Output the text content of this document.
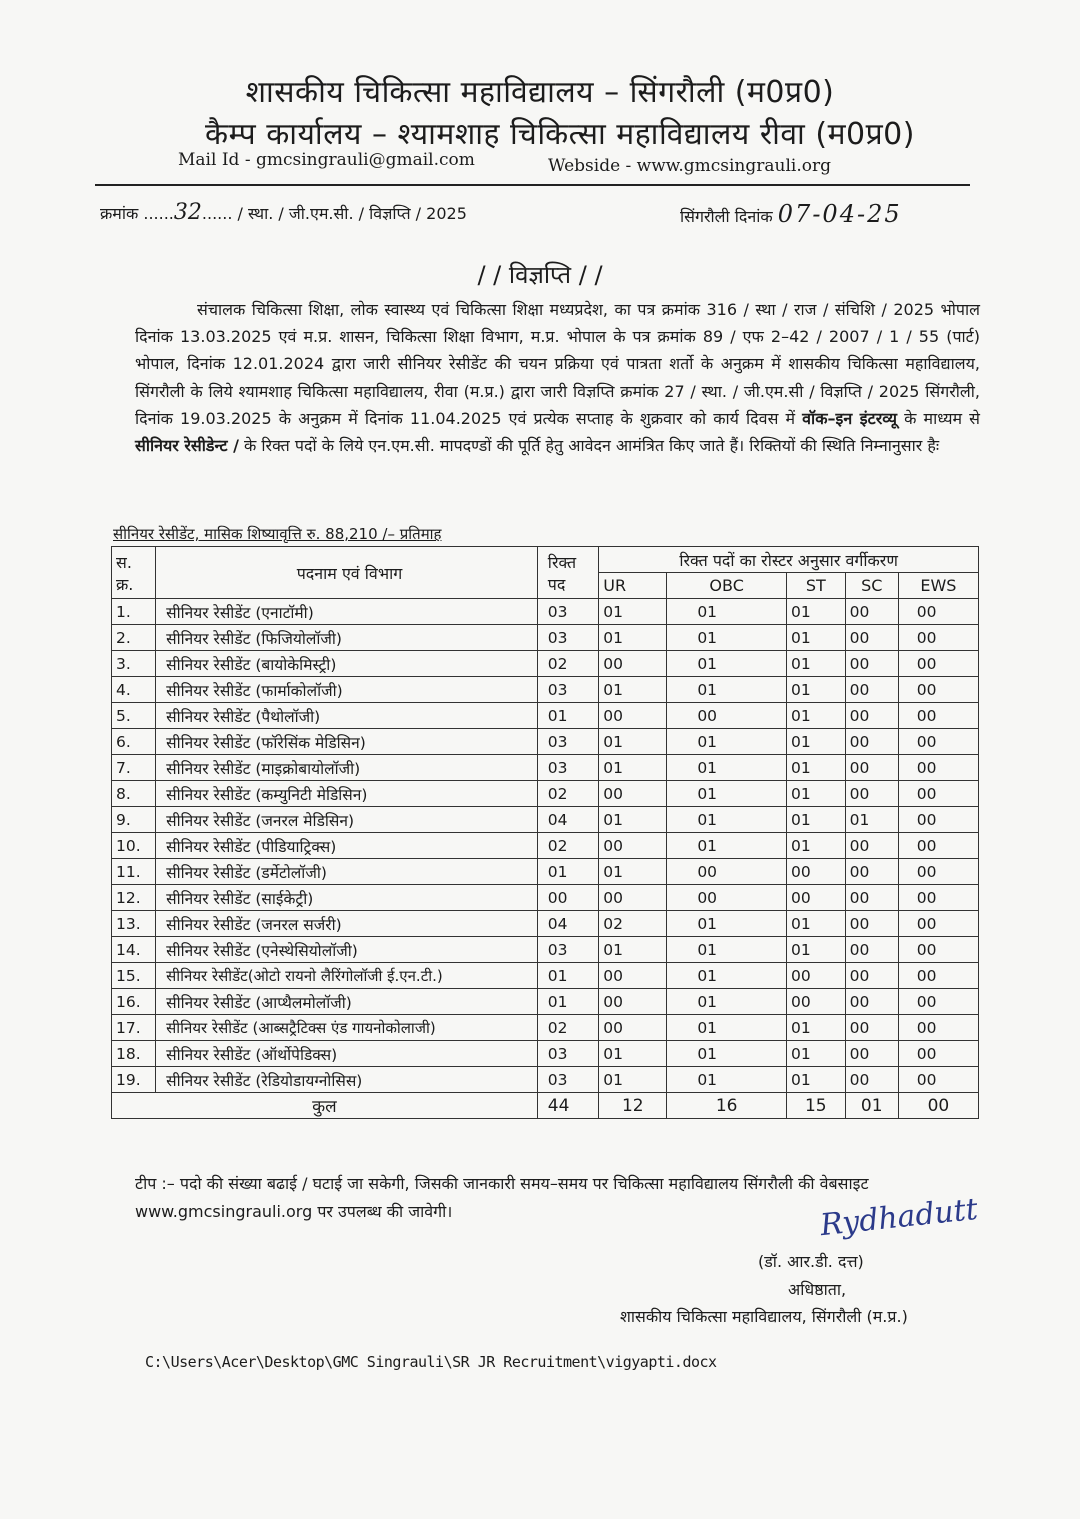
शासकीय चिकित्सा महाविद्यालय – सिंगरौली (म0प्र0)
कैम्प कार्यालय – श्यामशाह चिकित्सा महाविद्यालय रीवा (म0प्र0)
Mail Id - gmcsingrauli@gmail.com	Webside - www.gmcsingrauli.org
क्रमांक ......32...... / स्था. / जी.एम.सी. / विज्ञप्ति / 2025	सिंगरौली दिनांक 07-04-25
/ / विज्ञप्ति / /
संचालक चिकित्सा शिक्षा, लोक स्वास्थ्य एवं चिकित्सा शिक्षा मध्यप्रदेश, का पत्र क्रमांक 316 / स्था / राज / संचिशि / 2025 भोपाल दिनांक 13.03.2025 एवं म.प्र. शासन, चिकित्सा शिक्षा विभाग, म.प्र. भोपाल के पत्र क्रमांक 89 / एफ 2–42 / 2007 / 1 / 55 (पार्ट) भोपाल, दिनांक 12.01.2024 द्वारा जारी सीनियर रेसीडेंट की चयन प्रक्रिया एवं पात्रता शर्तो के अनुक्रम में शासकीय चिकित्सा महाविद्यालय, सिंगरौली के लिये श्यामशाह चिकित्सा महाविद्यालय, रीवा (म.प्र.) द्वारा जारी विज्ञप्ति क्रमांक 27 / स्था. / जी.एम.सी / विज्ञप्ति / 2025 सिंगरौली, दिनांक 19.03.2025 के अनुक्रम में दिनांक 11.04.2025 एवं प्रत्येक सप्ताह के शुक्रवार को कार्य दिवस में वॉक–इन इंटरव्यू के माध्यम से सीनियर रेसीडेन्ट / के रिक्त पदों के लिये एन.एम.सी. मापदण्डों की पूर्ति हेतु आवेदन आमंत्रित किए जाते हैं। रिक्तियों की स्थिति निम्नानुसार हैः
सीनियर रेसीडेंट, मासिक शिष्यावृत्ति रु. 88,210 /– प्रतिमाह
स. क्र.	पदनाम एवं विभाग	रिक्त पद	रिक्त पदों का रोस्टर अनुसार वर्गीकरण				
			UR	OBC	ST	SC	EWS
1.	सीनियर रेसीडेंट (एनाटॉमी)	03	01	01	01	00	00
2.	सीनियर रेसीडेंट (फिजियोलॉजी)	03	01	01	01	00	00
3.	सीनियर रेसीडेंट (बायोकेमिस्ट्री)	02	00	01	01	00	00
4.	सीनियर रेसीडेंट (फार्माकोलॉजी)	03	01	01	01	00	00
5.	सीनियर रेसीडेंट (पैथोलॉजी)	01	00	00	01	00	00
6.	सीनियर रेसीडेंट (फॉरेसिंक मेडिसिन)	03	01	01	01	00	00
7.	सीनियर रेसीडेंट (माइक्रोबायोलॉजी)	03	01	01	01	00	00
8.	सीनियर रेसीडेंट (कम्युनिटी मेडिसिन)	02	00	01	01	00	00
9.	सीनियर रेसीडेंट (जनरल मेडिसिन)	04	01	01	01	01	00
10.	सीनियर रेसीडेंट (पीडियाट्रिक्स)	02	00	01	01	00	00
11.	सीनियर रेसीडेंट (डर्मेटोलॉजी)	01	01	00	00	00	00
12.	सीनियर रेसीडेंट (साईकेट्री)	00	00	00	00	00	00
13.	सीनियर रेसीडेंट (जनरल सर्जरी)	04	02	01	01	00	00
14.	सीनियर रेसीडेंट (एनेस्थेसियोलॉजी)	03	01	01	01	00	00
15.	सीनियर रेसीडेंट(ओटो रायनो लैरिंगोलॉजी ई.एन.टी.)	01	00	01	00	00	00
16.	सीनियर रेसीडेंट (आप्थैलमोलॉजी)	01	00	01	00	00	00
17.	सीनियर रेसीडेंट (आब्सट्रैटिक्स एंड गायनोकोलाजी)	02	00	01	01	00	00
18.	सीनियर रेसीडेंट (ऑर्थोपेडिक्स)	03	01	01	01	00	00
19.	सीनियर रेसीडेंट (रेडियोडायग्नोसिस)	03	01	01	01	00	00
कुल		44	12	16	15	01	00
टीप :– पदो की संख्या बढाई / घटाई जा सकेगी, जिसकी जानकारी समय–समय पर चिकित्सा महाविद्यालय सिंगरौली की वेबसाइट www.gmcsingrauli.org पर उपलब्ध की जावेगी।	Rydhadutt
(डॉ. आर.डी. दत्त)
अधिष्ठाता,
शासकीय चिकित्सा महाविद्यालय, सिंगरौली (म.प्र.)
C:\Users\Acer\Desktop\GMC Singrauli\SR JR Recruitment\vigyapti.docx
